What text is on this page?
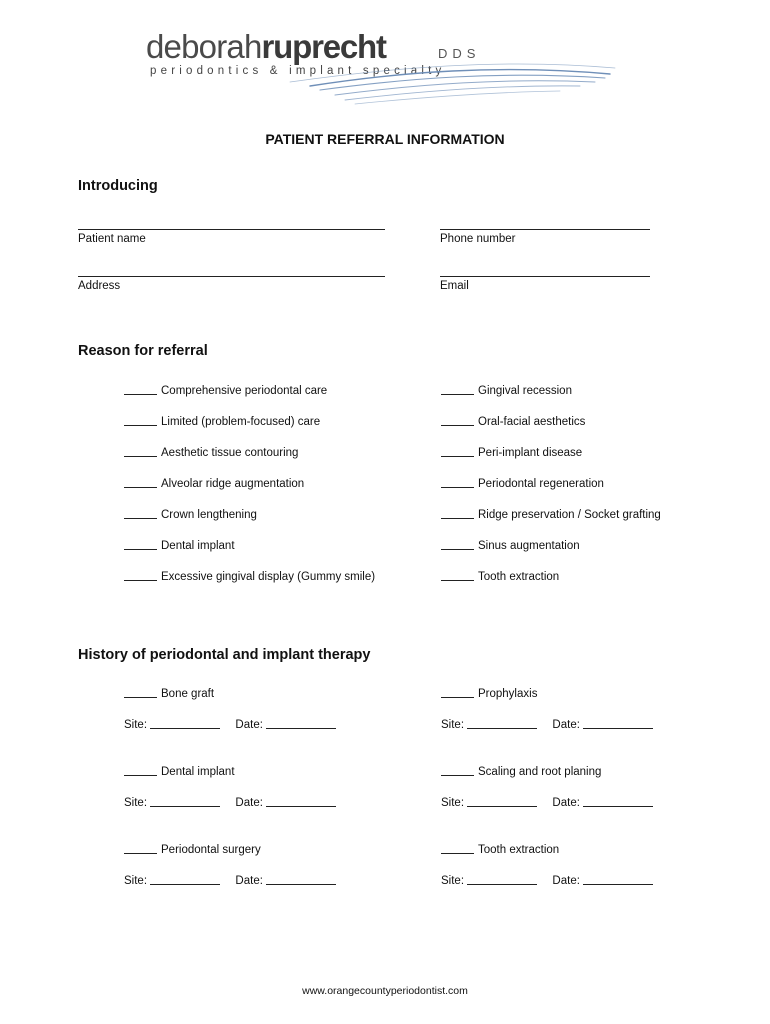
deborahruprecht	DDS
periodontics & implant specialty
PATIENT REFERRAL INFORMATION
Introducing
Patient name	Phone number
Address	Email
Reason for referral
Comprehensive periodontal care
Limited (problem-focused) care
Aesthetic tissue contouring
Alveolar ridge augmentation
Crown lengthening
Dental implant
Excessive gingival display (Gummy smile)
Gingival recession
Oral-facial aesthetics
Peri-implant disease
Periodontal regeneration
Ridge preservation / Socket grafting
Sinus augmentation
Tooth extraction
History of periodontal and implant therapy
Bone graft
Site:	Date:
Dental implant
Site:	Date:
Periodontal surgery
Site:	Date:
Prophylaxis
Site:	Date:
Scaling and root planing
Site:	Date:
Tooth extraction
Site:	Date:
www.orangecountyperiodontist.com
